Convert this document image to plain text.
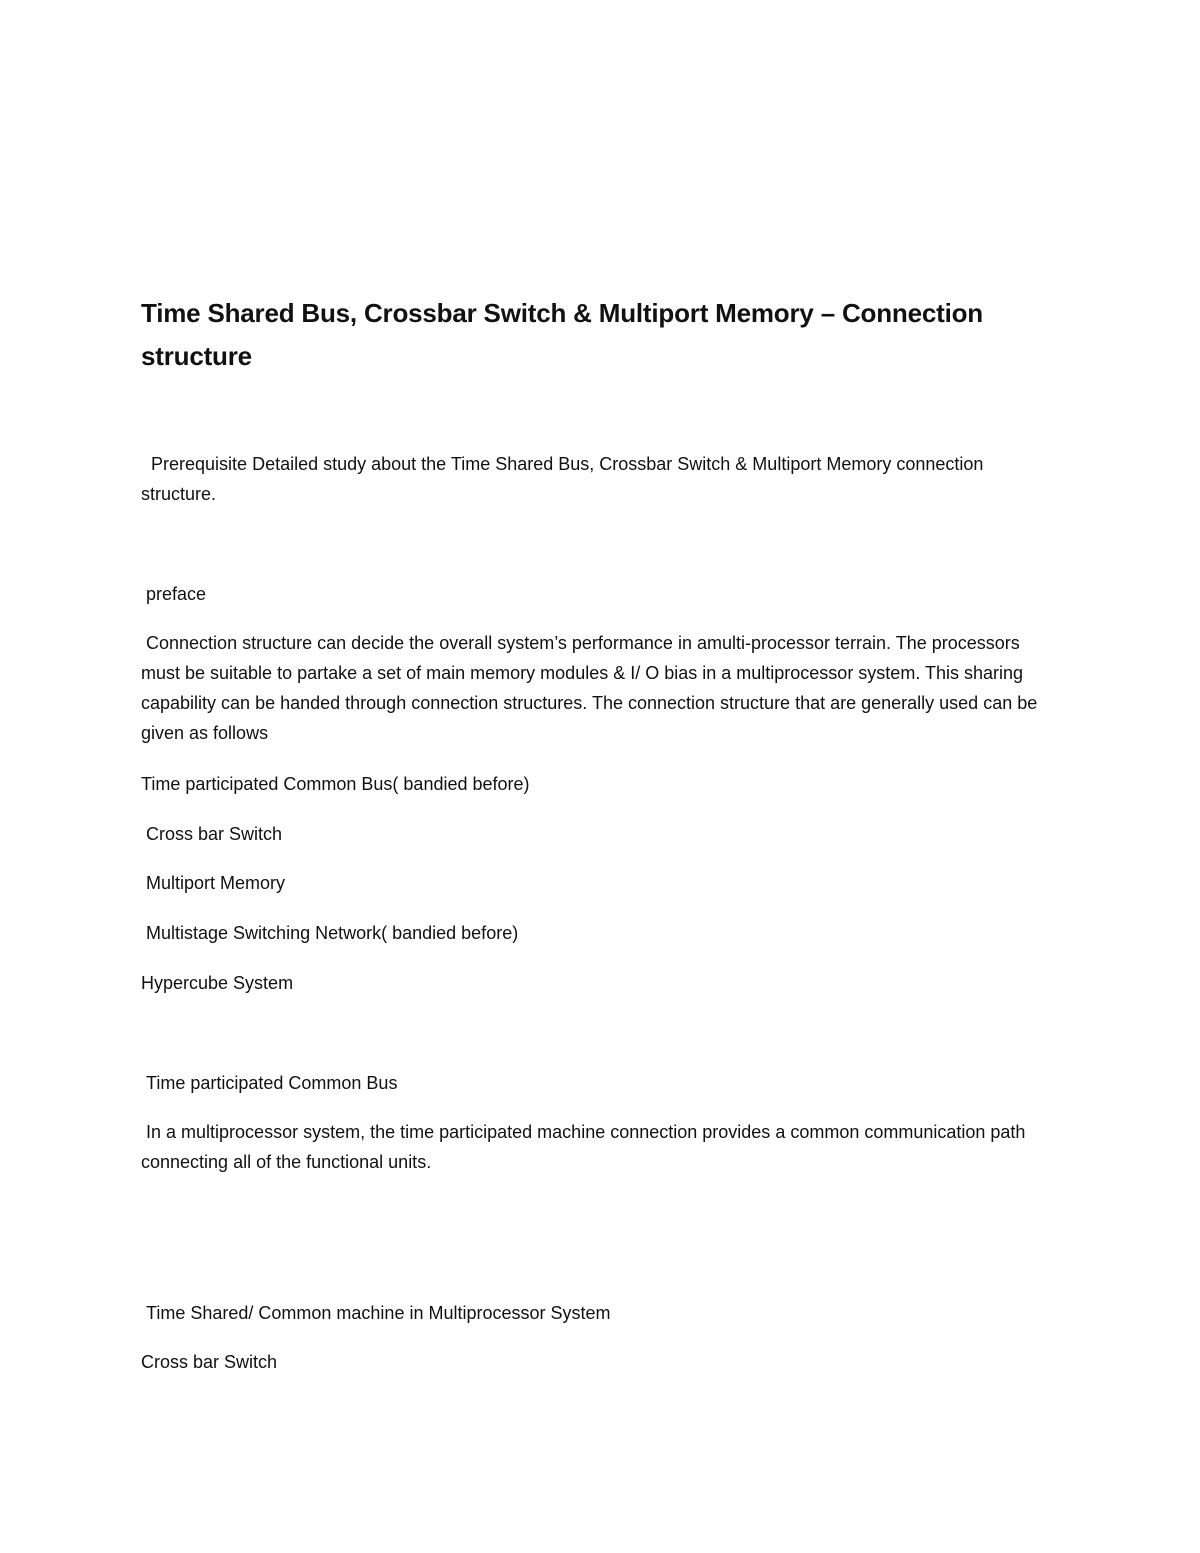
Time Shared Bus, Crossbar Switch & Multiport Memory – Connection structure

Prerequisite Detailed study about the Time Shared Bus, Crossbar Switch & Multiport Memory connection structure.

preface

Connection structure can decide the overall system’s performance in amulti-processor terrain. The processors must be suitable to partake a set of main memory modules & I/ O bias in a multiprocessor system. This sharing capability can be handed through connection structures. The connection structure that are generally used can be given as follows

Time participated Common Bus( bandied before)

Cross bar Switch

Multiport Memory

Multistage Switching Network( bandied before)

Hypercube System

Time participated Common Bus

In a multiprocessor system, the time participated machine connection provides a common communication path connecting all of the functional units.

Time Shared/ Common machine in Multiprocessor System

Cross bar Switch
